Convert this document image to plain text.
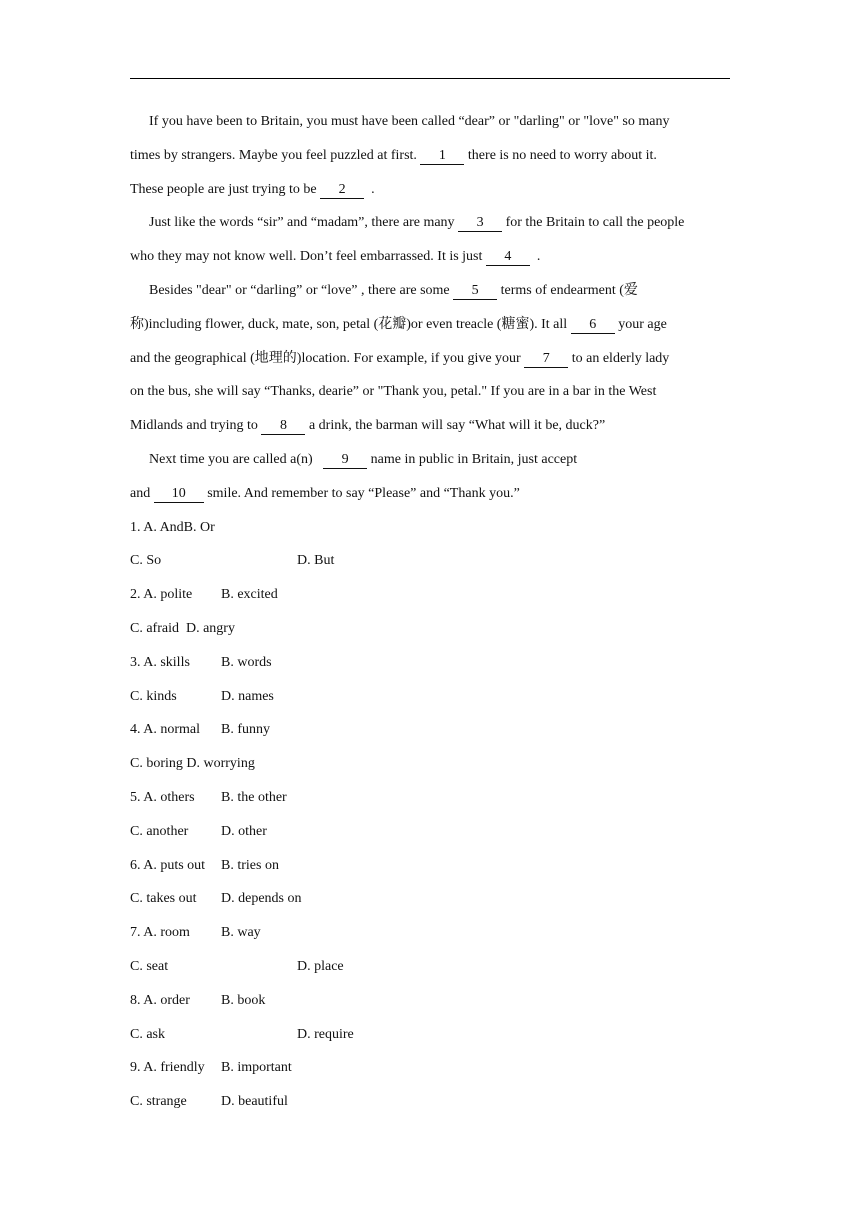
If you have been to Britain, you must have been called “dear” or "darling" or "love" so many
times by strangers. Maybe you feel puzzled at first. 1 there is no need to worry about it.
These people are just trying to be 2  .
Just like the words “sir” and “madam”, there are many 3 for the Britain to call the people
who they may not know well. Don’t feel embarrassed. It is just 4  .
Besides "dear" or “darling” or “love” , there are some 5 terms of endearment (爱
称)including flower, duck, mate, son, petal (花瓣)or even treacle (糖蜜). It all 6 your age
and the geographical (地理的)location. For example, if you give your 7 to an elderly lady
on the bus, she will say “Thanks, dearie” or "Thank you, petal." If you are in a bar in the West
Midlands and trying to 8 a drink, the barman will say “What will it be, duck?”
Next time you are called a(n)   9 name in public in Britain, just accept
and 10 smile. And remember to say “Please” and “Thank you.”
1. A. AndB. Or
C. So	D. But
2. A. polite B. excited
C. afraid  D. angry
3. A. skills B. words
C. kinds	D. names
4. A. normal B. funny
C. boring D. worrying
5. A. others B. the other
C. another D. other
6. A. puts out B. tries on
C. takes out D. depends on
7. A. room B. way
C. seat	D. place
8. A. order B. book
C. ask	D. require
9. A. friendly B. important
C. strange D. beautiful
